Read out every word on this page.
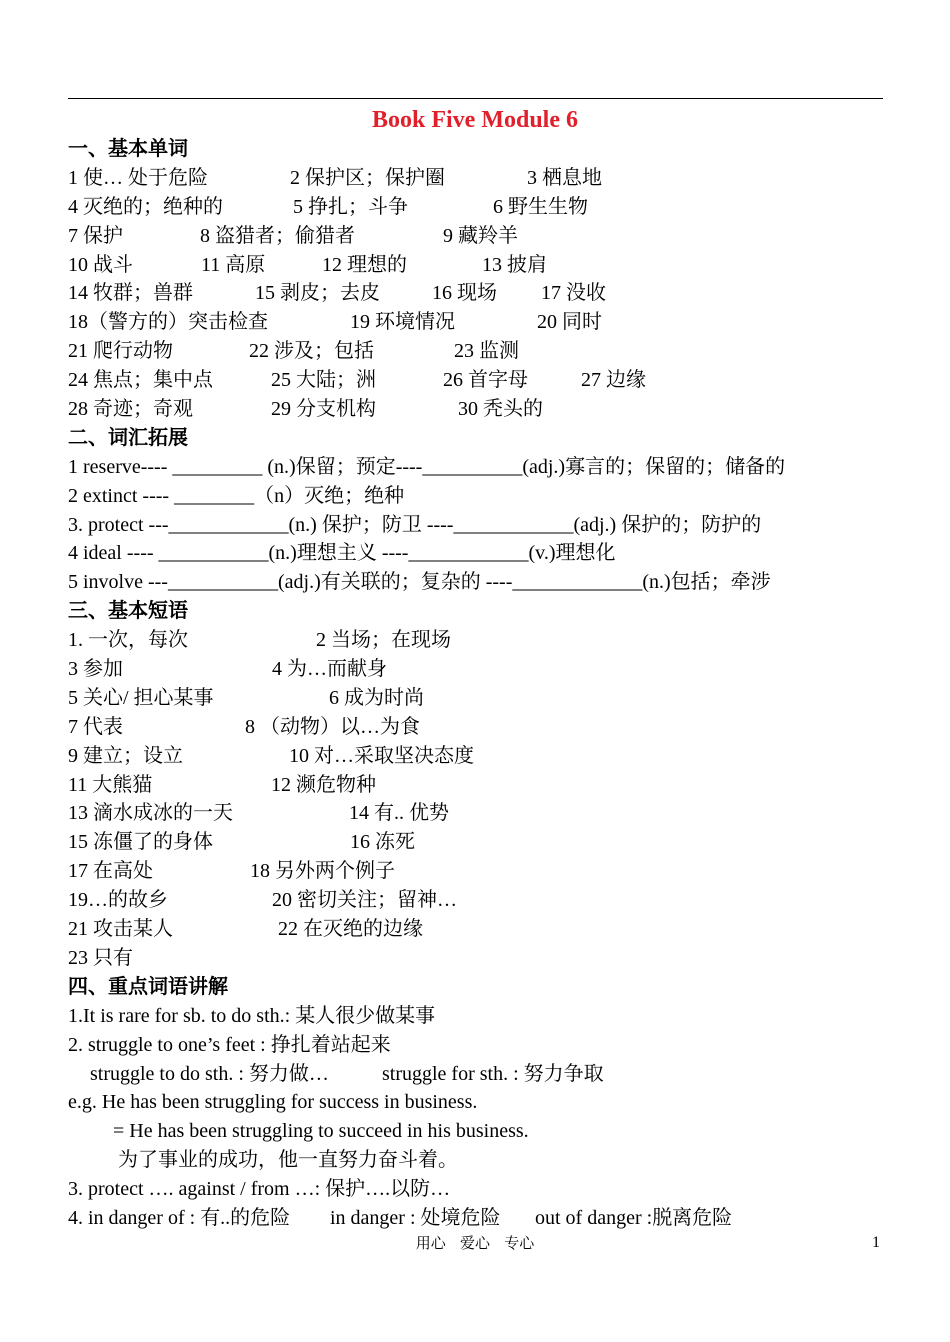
Book Five Module 6
一、基本单词
1 使… 处于危险	2 保护区；保护圈	3 栖息地
4 灭绝的；绝种的	5 挣扎；斗争	6 野生生物
7 保护	8 盗猎者；偷猎者	9 藏羚羊
10 战斗	11 高原	12 理想的	13 披肩
14 牧群；兽群	15 剥皮；去皮	16 现场 17 没收
18（警方的）突击检查	19 环境情况	20 同时
21 爬行动物	22 涉及；包括	23 监测
24 焦点；集中点	25 大陆；洲	26 首字母	27 边缘
28 奇迹；奇观	29 分支机构	30 秃头的
二、词汇拓展
1 reserve---- _________ (n.)保留；预定----__________(adj.)寡言的；保留的；储备的
2 extinct ---- ________（n）灭绝；绝种
3. protect ---____________(n.) 保护；防卫 ----____________(adj.) 保护的；防护的
4 ideal ---- ___________(n.)理想主义 ----____________(v.)理想化
5 involve ---___________(adj.)有关联的；复杂的 ----_____________(n.)包括；牵涉
三、基本短语
1. 一次，每次	2 当场；在现场
3 参加	4 为…而献身
5 关心/ 担心某事	6 成为时尚
7 代表	8 （动物）以…为食
9 建立；设立	10 对…采取坚决态度
11 大熊猫	12 濒危物种
13 滴水成冰的一天	14 有.. 优势
15 冻僵了的身体	16 冻死
17 在高处	18 另外两个例子
19…的故乡	20 密切关注；留神…
21 攻击某人	22 在灭绝的边缘
23 只有
四、重点词语讲解
1.It is rare for sb. to do sth.: 某人很少做某事
2. struggle to one’s feet : 挣扎着站起来
struggle to do sth. : 努力做…	struggle for sth. : 努力争取
e.g. He has been struggling for success in business.
= He has been struggling to succeed in his business.
为了事业的成功，他一直努力奋斗着。
3. protect …. against / from …: 保护….以防…
4. in danger of : 有..的危险 in danger : 处境危险 out of danger :脱离危险
用心   爱心   专心	1
